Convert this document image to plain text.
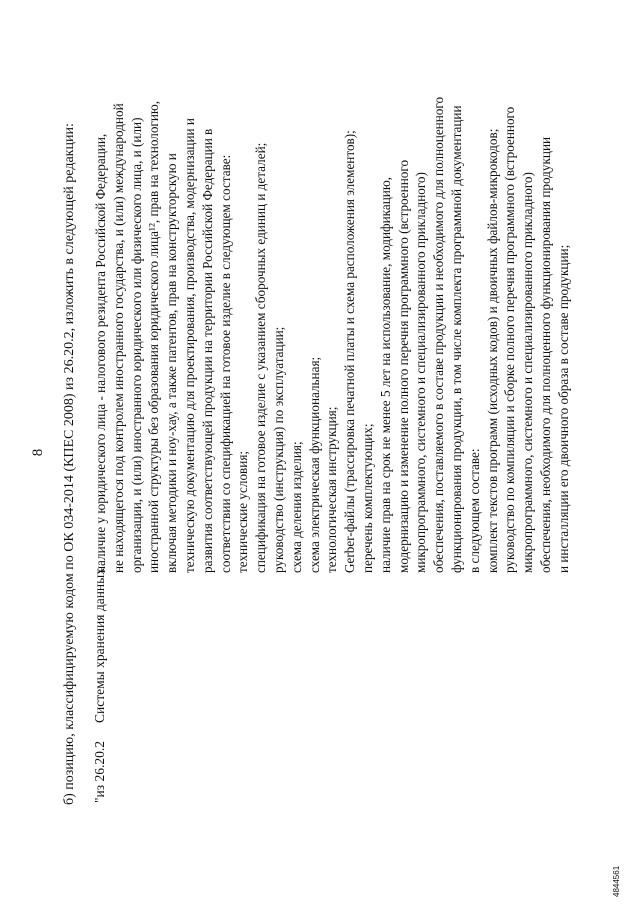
8 б) позицию, классифицируемую кодом по ОК 034-2014 (КПЕС 2008) из 26.20.2, изложить в следующей редакции: "из 26.20.2
Системы хранения данных
наличие у юридического лица - налогового резидента Российской Федерации, не находящегося под контролем иностранного государства, и (или) международной организации, и (или) иностранного юридического или физического лица, и (или) иностранной структуры без образования юридического лица¹², прав на технологию, включая методики и ноу-хау, а также патентов, прав на конструкторскую и техническую документацию для проектирования, производства, модернизации и развития соответствующей продукции на территории Российской Федерации в соответствии со спецификацией на готовое изделие в следующем составе: технические условия; спецификация на готовое изделие с указанием сборочных единиц и деталей; руководство (инструкция) по эксплуатации; схема деления изделия; схема электрическая функциональная; технологическая инструкция; Gerber-файлы (трассировка печатной платы и схема расположения элементов); перечень комплектующих; наличие прав на срок не менее 5 лет на использование, модификацию, модернизацию и изменение полного перечня программного (встроенного микропрограммного, системного и специализированного прикладного) обеспечения, поставляемого в составе продукции и необходимого для полноценного функционирования продукции, в том числе комплекта программной документации в следующем составе: комплект текстов программ (исходных кодов) и двоичных файлов-микрокодов; руководство по компиляции и сборке полного перечня программного (встроенного микропрограммного, системного и специализированного прикладного) обеспечения, необходимого для полноценного функционирования продукции и инсталляции его двоичного образа в составе продукции;
4844561
